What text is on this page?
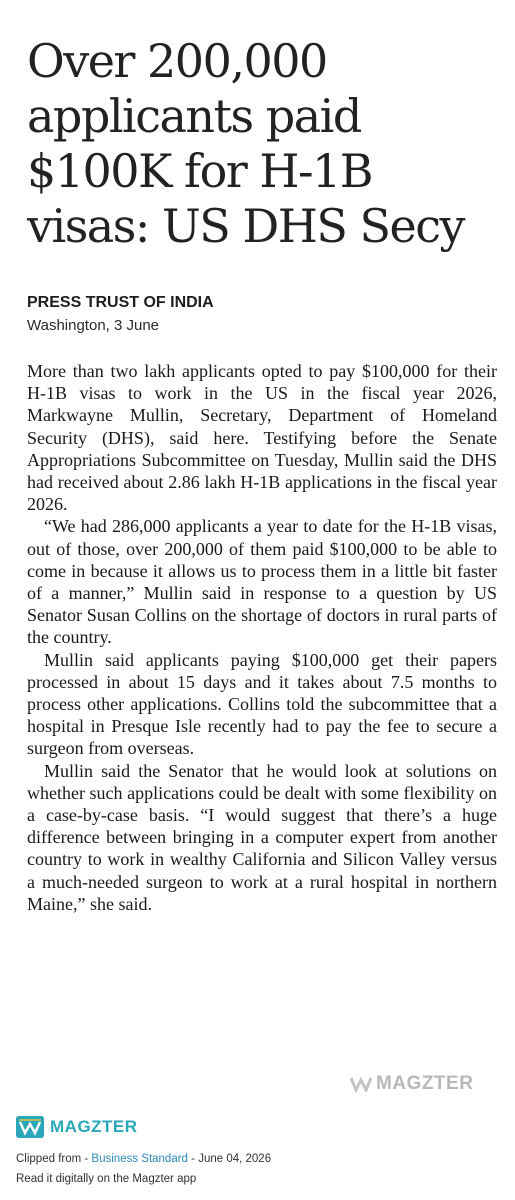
Over 200,000 applicants paid $100K for H-1B visas: US DHS Secy
PRESS TRUST OF INDIA
Washington, 3 June

More than two lakh applicants opted to pay $100,000 for their H-1B visas to work in the US in the fiscal year 2026, Markwayne Mullin, Secretary, Department of Homeland Security (DHS), said here. Testifying before the Senate Appropriations Subcommittee on Tuesday, Mullin said the DHS had received about 2.86 lakh H-1B applications in the fiscal year 2026.

“We had 286,000 applicants a year to date for the H-1B visas, out of those, over 200,000 of them paid $100,000 to be able to come in because it allows us to process them in a little bit faster of a manner,” Mullin said in response to a question by US Senator Susan Collins on the shortage of doctors in rural parts of the country.

Mullin said applicants paying $100,000 get their papers processed in about 15 days and it takes about 7.5 months to process other applications. Collins told the subcommittee that a hospital in Presque Isle recently had to pay the fee to secure a surgeon from overseas.

Mullin said the Senator that he would look at solutions on whether such applications could be dealt with some flexibility on a case-by-case basis. “I would suggest that there’s a huge difference between bringing in a computer expert from another country to work in wealthy California and Silicon Valley versus a much-needed surgeon to work at a rural hospital in northern Maine,” she said.

MAGZTER
MAGZTER
Clipped from - Business Standard - June 04, 2026
Read it digitally on the Magzter app
